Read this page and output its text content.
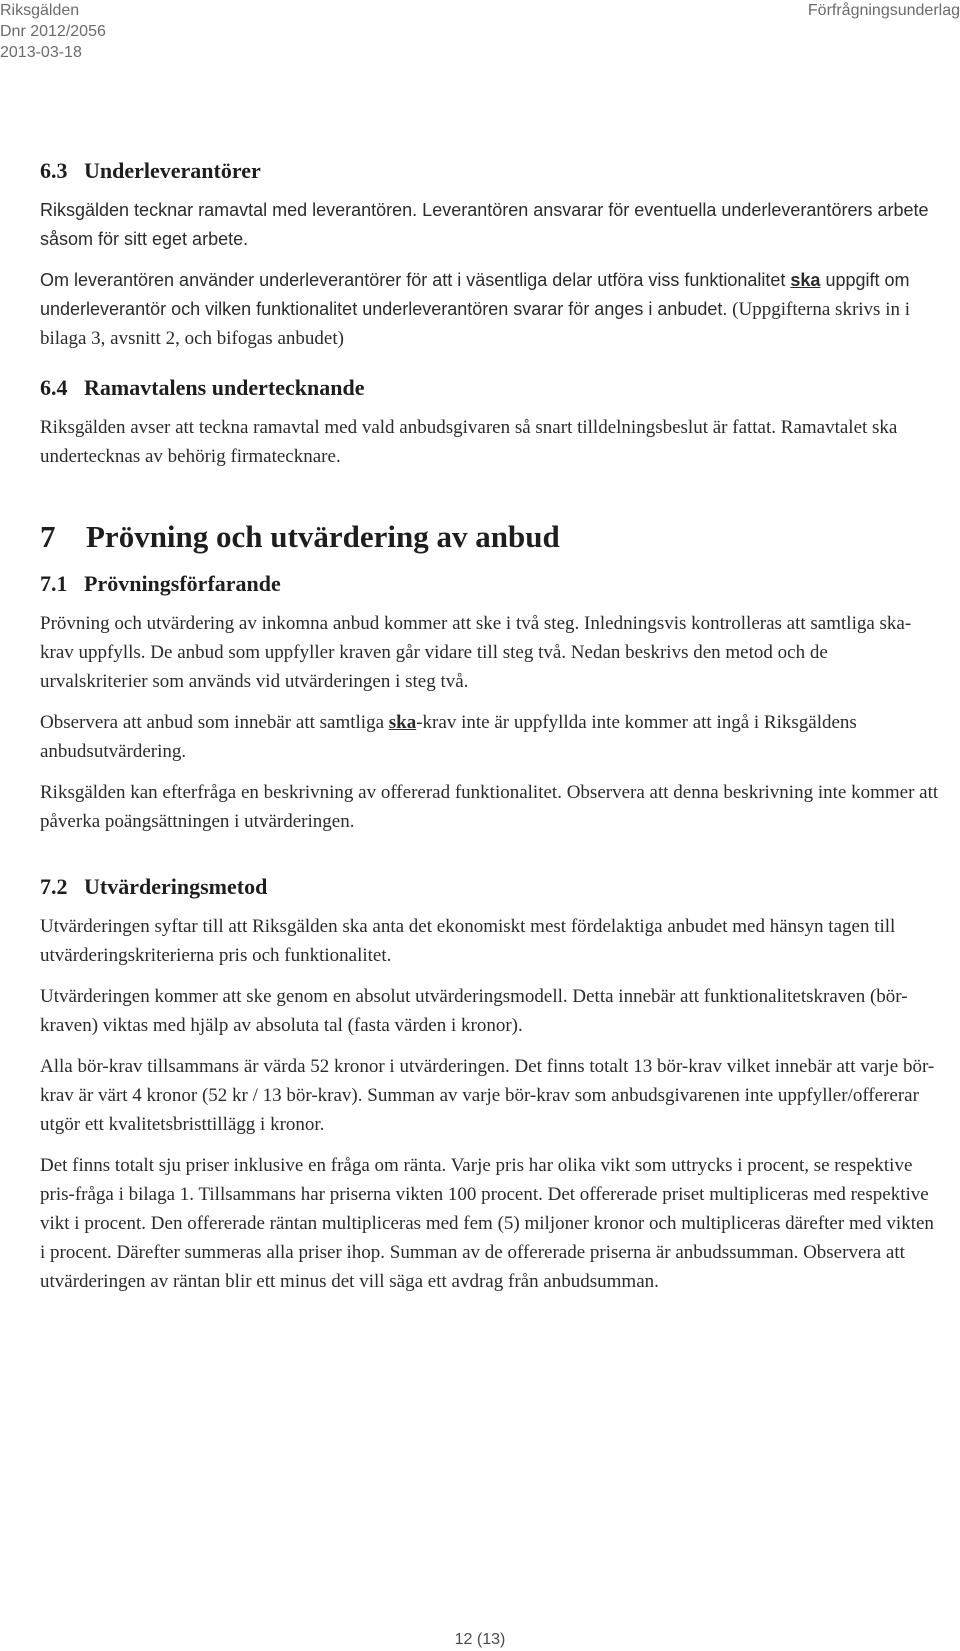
Riksgälden
Dnr 2012/2056
2013-03-18
Förfrågningsunderlag
6.3 Underleverantörer

Riksgälden tecknar ramavtal med leverantören. Leverantören ansvarar för eventuella underleverantörers arbete såsom för sitt eget arbete.

Om leverantören använder underleverantörer för att i väsentliga delar utföra viss funktionalitet ska uppgift om underleverantör och vilken funktionalitet underleverantören svarar för anges i anbudet. (Uppgifterna skrivs in i bilaga 3, avsnitt 2, och bifogas anbudet)

6.4 Ramavtalens undertecknande

Riksgälden avser att teckna ramavtal med vald anbudsgivaren så snart tilldelningsbeslut är fattat. Ramavtalet ska undertecknas av behörig firmatecknare.

7 Prövning och utvärdering av anbud
7.1 Prövningsförfarande

Prövning och utvärdering av inkomna anbud kommer att ske i två steg. Inledningsvis kontrolleras att samtliga ska-krav uppfylls. De anbud som uppfyller kraven går vidare till steg två. Nedan beskrivs den metod och de urvalskriterier som används vid utvärderingen i steg två.

Observera att anbud som innebär att samtliga ska-krav inte är uppfyllda inte kommer att ingå i Riksgäldens anbudsutvärdering.

Riksgälden kan efterfråga en beskrivning av offererad funktionalitet. Observera att denna beskrivning inte kommer att påverka poängsättningen i utvärderingen.

7.2 Utvärderingsmetod

Utvärderingen syftar till att Riksgälden ska anta det ekonomiskt mest fördelaktiga anbudet med hänsyn tagen till utvärderingskriterierna pris och funktionalitet.

Utvärderingen kommer att ske genom en absolut utvärderingsmodell. Detta innebär att funktionalitetskraven (bör-kraven) viktas med hjälp av absoluta tal (fasta värden i kronor).

Alla bör-krav tillsammans är värda 52 kronor i utvärderingen. Det finns totalt 13 bör-krav vilket innebär att varje bör-krav är värt 4 kronor (52 kr / 13 bör-krav). Summan av varje bör-krav som anbudsgivarenen inte uppfyller/offererar utgör ett kvalitetsbristtillägg i kronor.

Det finns totalt sju priser inklusive en fråga om ränta. Varje pris har olika vikt som uttrycks i procent, se respektive pris-fråga i bilaga 1. Tillsammans har priserna vikten 100 procent. Det offererade priset multipliceras med respektive vikt i procent. Den offererade räntan multipliceras med fem (5) miljoner kronor och multipliceras därefter med vikten i procent. Därefter summeras alla priser ihop. Summan av de offererade priserna är anbudssumman. Observera att utvärderingen av räntan blir ett minus det vill säga ett avdrag från anbudsumman.

12 (13)
